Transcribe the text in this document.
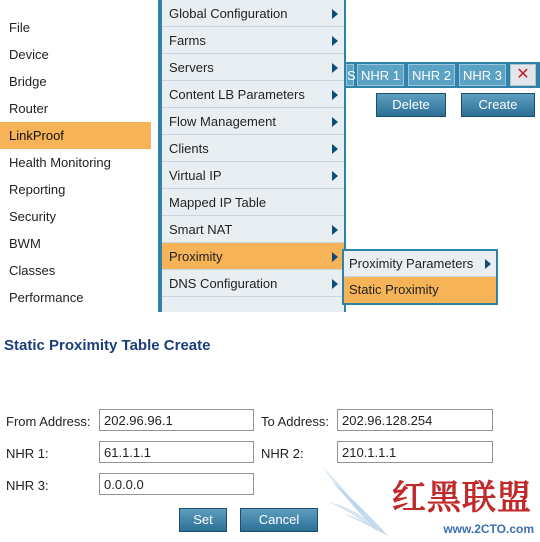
File
Device
Bridge
Router
LinkProof
Health Monitoring
Reporting
Security
BWM
Classes
Performance
S NHR 1 NHR 2 NHR 3 ✕
Delete	Create
Global Configuration
Farms
Servers
Content LB Parameters
Flow Management
Clients
Virtual IP
Mapped IP Table
Smart NAT
Proximity
DNS Configuration
Proximity Parameters
Static Proximity
Static Proximity Table Create
From Address:
202.96.96.1	To Address:
202.96.128.254
NHR 1:
61.1.1.1	NHR 2:
210.1.1.1
NHR 3:
0.0.0.0
Set	Cancel
红黑联盟
www.2CTO.com
